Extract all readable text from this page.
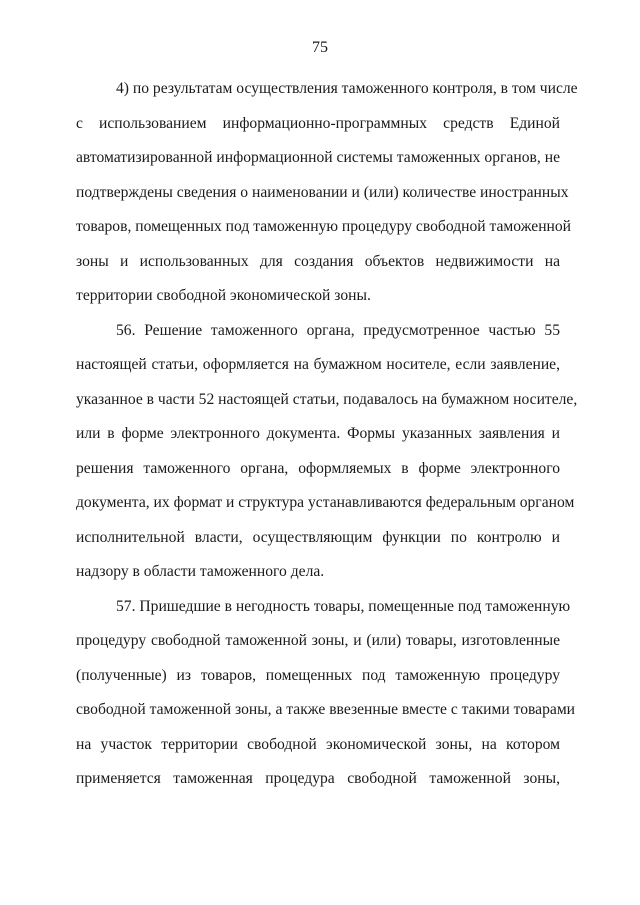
75
4) по результатам осуществления таможенного контроля, в том числе
с использованием информационно-программных средств Единой
автоматизированной информационной системы таможенных органов, не
подтверждены сведения о наименовании и (или) количестве иностранных
товаров, помещенных под таможенную процедуру свободной таможенной
зоны и использованных для создания объектов недвижимости на
территории свободной экономической зоны.
56. Решение таможенного органа, предусмотренное частью 55
настоящей статьи, оформляется на бумажном носителе, если заявление,
указанное в части 52 настоящей статьи, подавалось на бумажном носителе,
или в форме электронного документа. Формы указанных заявления и
решения таможенного органа, оформляемых в форме электронного
документа, их формат и структура устанавливаются федеральным органом
исполнительной власти, осуществляющим функции по контролю и
надзору в области таможенного дела.
57. Пришедшие в негодность товары, помещенные под таможенную
процедуру свободной таможенной зоны, и (или) товары, изготовленные
(полученные) из товаров, помещенных под таможенную процедуру
свободной таможенной зоны, а также ввезенные вместе с такими товарами
на участок территории свободной экономической зоны, на котором
применяется таможенная процедура свободной таможенной зоны,
